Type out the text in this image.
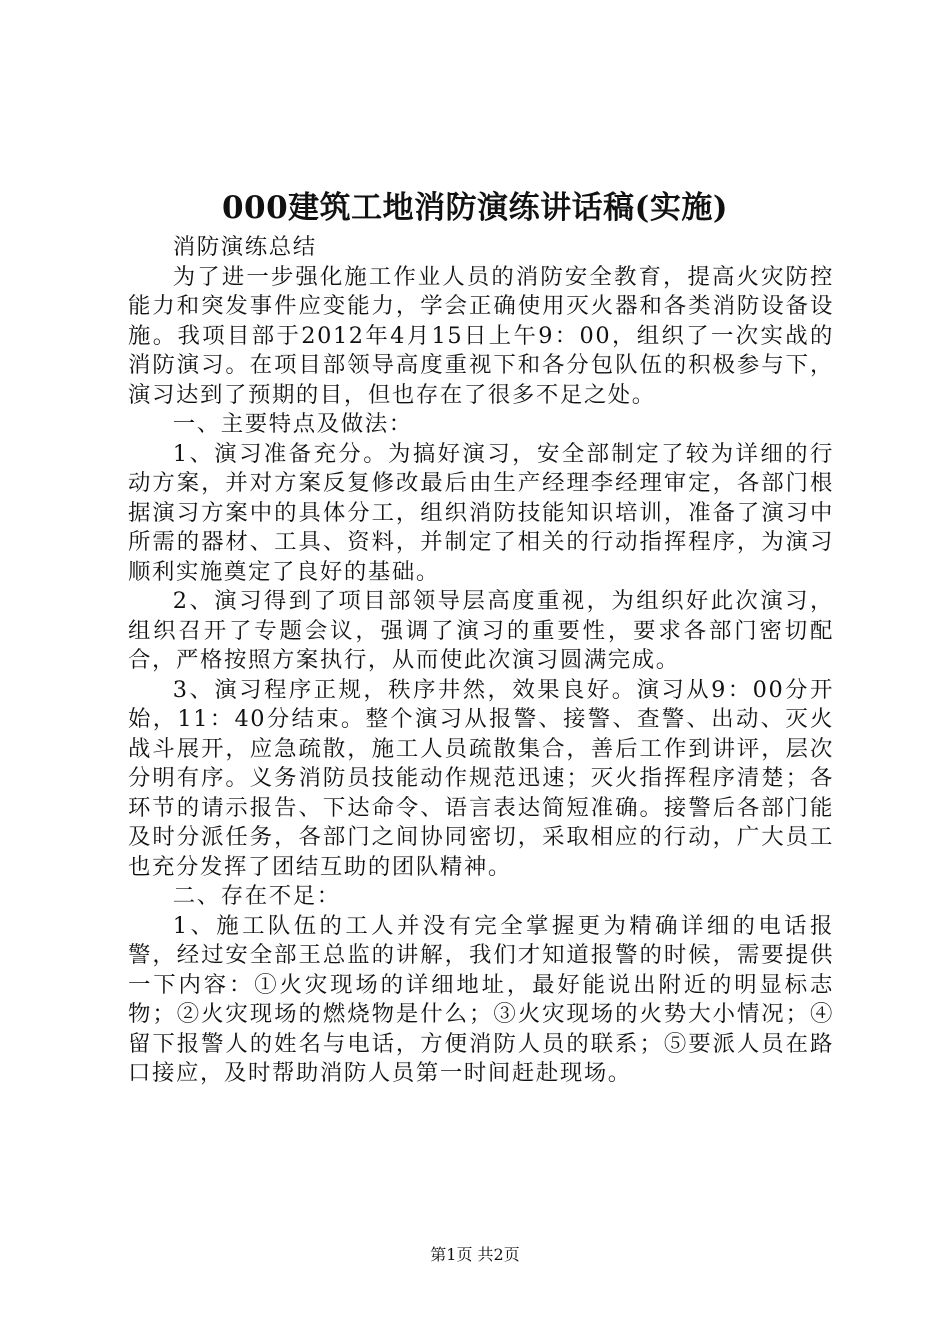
000建筑工地消防演练讲话稿(实施)

消防演练总结

为了进一步强化施工作业人员的消防安全教育，提高火灾防控能力和突发事件应变能力，学会正确使用灭火器和各类消防设备设施。我项目部于2012年4月15日上午9：00，组织了一次实战的消防演习。在项目部领导高度重视下和各分包队伍的积极参与下，演习达到了预期的目，但也存在了很多不足之处。

一、主要特点及做法：

1、演习准备充分。为搞好演习，安全部制定了较为详细的行动方案，并对方案反复修改最后由生产经理李经理审定，各部门根据演习方案中的具体分工，组织消防技能知识培训，准备了演习中所需的器材、工具、资料，并制定了相关的行动指挥程序，为演习顺利实施奠定了良好的基础。

2、演习得到了项目部领导层高度重视，为组织好此次演习，组织召开了专题会议，强调了演习的重要性，要求各部门密切配合，严格按照方案执行，从而使此次演习圆满完成。

3、演习程序正规，秩序井然，效果良好。演习从9：00分开始，11：40分结束。整个演习从报警、接警、查警、出动、灭火战斗展开，应急疏散，施工人员疏散集合，善后工作到讲评，层次分明有序。义务消防员技能动作规范迅速；灭火指挥程序清楚；各环节的请示报告、下达命令、语言表达简短准确。接警后各部门能及时分派任务，各部门之间协同密切，采取相应的行动，广大员工也充分发挥了团结互助的团队精神。

二、存在不足：

1、施工队伍的工人并没有完全掌握更为精确详细的电话报警，经过安全部王总监的讲解，我们才知道报警的时候，需要提供一下内容：①火灾现场的详细地址，最好能说出附近的明显标志物；②火灾现场的燃烧物是什么；③火灾现场的火势大小情况；④留下报警人的姓名与电话，方便消防人员的联系；⑤要派人员在路口接应，及时帮助消防人员第一时间赶赴现场。

第1页 共2页
